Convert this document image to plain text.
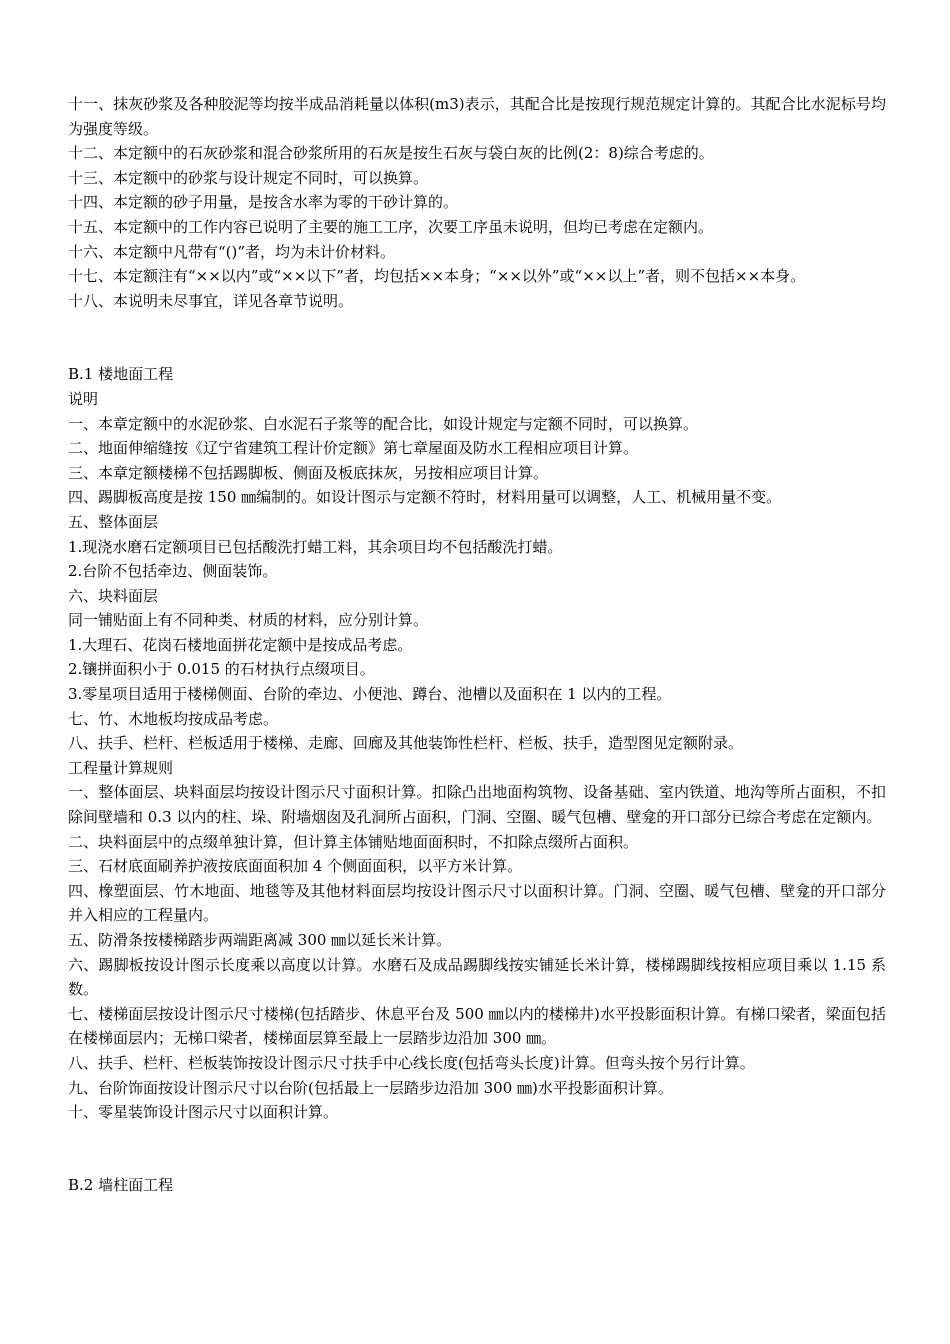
十一、抹灰砂浆及各种胶泥等均按半成品消耗量以体积(m3)表示，其配合比是按现行规范规定计算的。其配合比水泥标号均为强度等级。

十二、本定额中的石灰砂浆和混合砂浆所用的石灰是按生石灰与袋白灰的比例(2：8)综合考虑的。

十三、本定额中的砂浆与设计规定不同时，可以换算。

十四、本定额的砂子用量，是按含水率为零的干砂计算的。

十五、本定额中的工作内容已说明了主要的施工工序，次要工序虽未说明，但均已考虑在定额内。

十六、本定额中凡带有“()”者，均为未计价材料。

十七、本定额注有“××以内”或“××以下”者，均包括××本身；“××以外”或“××以上”者，则不包括××本身。

十八、本说明未尽事宜，详见各章节说明。

B.1 楼地面工程

说明

一、本章定额中的水泥砂浆、白水泥石子浆等的配合比，如设计规定与定额不同时，可以换算。

二、地面伸缩缝按《辽宁省建筑工程计价定额》第七章屋面及防水工程相应项目计算。

三、本章定额楼梯不包括踢脚板、侧面及板底抹灰，另按相应项目计算。

四、踢脚板高度是按 150 ㎜编制的。如设计图示与定额不符时，材料用量可以调整，人工、机械用量不变。

五、整体面层

1.现浇水磨石定额项目已包括酸洗打蜡工料，其余项目均不包括酸洗打蜡。

2.台阶不包括牵边、侧面装饰。

六、块料面层

同一铺贴面上有不同种类、材质的材料，应分别计算。

1.大理石、花岗石楼地面拼花定额中是按成品考虑。

2.镶拼面积小于 0.015 的石材执行点缀项目。

3.零星项目适用于楼梯侧面、台阶的牵边、小便池、蹲台、池槽以及面积在 1 以内的工程。

七、竹、木地板均按成品考虑。

八、扶手、栏杆、栏板适用于楼梯、走廊、回廊及其他装饰性栏杆、栏板、扶手，造型图见定额附录。

工程量计算规则

一、整体面层、块料面层均按设计图示尺寸面积计算。扣除凸出地面构筑物、设备基础、室内铁道、地沟等所占面积，不扣除间壁墙和 0.3 以内的柱、垛、附墙烟囱及孔洞所占面积，门洞、空圈、暖气包槽、壁龛的开口部分已综合考虑在定额内。

二、块料面层中的点缀单独计算，但计算主体铺贴地面面积时，不扣除点缀所占面积。

三、石材底面刷养护液按底面面积加 4 个侧面面积，以平方米计算。

四、橡塑面层、竹木地面、地毯等及其他材料面层均按设计图示尺寸以面积计算。门洞、空圈、暖气包槽、壁龛的开口部分并入相应的工程量内。

五、防滑条按楼梯踏步两端距离减 300 ㎜以延长米计算。

六、踢脚板按设计图示长度乘以高度以计算。水磨石及成品踢脚线按实铺延长米计算，楼梯踢脚线按相应项目乘以 1.15 系数。

七、楼梯面层按设计图示尺寸楼梯(包括踏步、休息平台及 500 ㎜以内的楼梯井)水平投影面积计算。有梯口梁者，梁面包括在楼梯面层内；无梯口梁者，楼梯面层算至最上一层踏步边沿加 300 ㎜。

八、扶手、栏杆、栏板装饰按设计图示尺寸扶手中心线长度(包括弯头长度)计算。但弯头按个另行计算。

九、台阶饰面按设计图示尺寸以台阶(包括最上一层踏步边沿加 300 ㎜)水平投影面积计算。

十、零星装饰设计图示尺寸以面积计算。

B.2 墙柱面工程
